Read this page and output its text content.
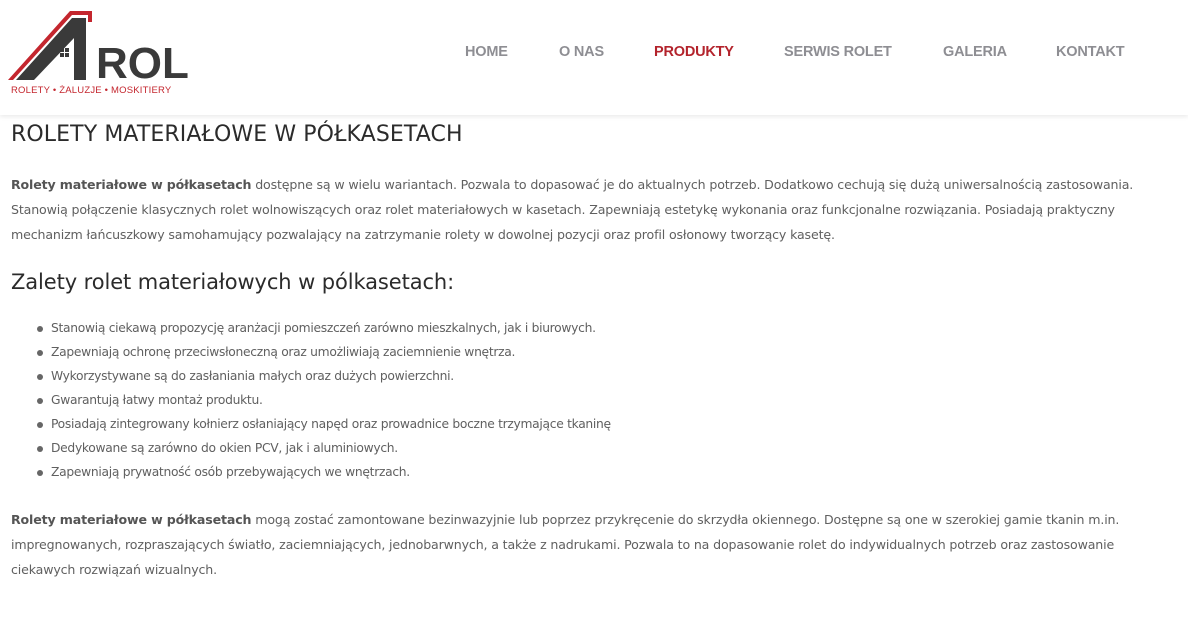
ROL
ROLETY • ŻALUZJE • MOSKITIERY
HOME	O NAS	PRODUKTY	SERWIS ROLET	GALERIA	KONTAKT
ROLETY MATERIAŁOWE W PÓŁKASETACH

Rolety materiałowe w półkasetach dostępne są w wielu wariantach. Pozwala to dopasować je do aktualnych potrzeb. Dodatkowo cechują się dużą uniwersalnością zastosowania. Stanowią połączenie klasycznych rolet wolnowiszących oraz rolet materiałowych w kasetach. Zapewniają estetykę wykonania oraz funkcjonalne rozwiązania. Posiadają praktyczny mechanizm łańcuszkowy samohamujący pozwalający na zatrzymanie rolety w dowolnej pozycji oraz profil osłonowy tworzący kasetę.

Zalety rolet materiałowych w pólkasetach:
Stanowią ciekawą propozycję aranżacji pomieszczeń zarówno mieszkalnych, jak i biurowych.
Zapewniają ochronę przeciwsłoneczną oraz umożliwiają zaciemnienie wnętrza.
Wykorzystywane są do zasłaniania małych oraz dużych powierzchni.
Gwarantują łatwy montaż produktu.
Posiadają zintegrowany kołnierz osłaniający napęd oraz prowadnice boczne trzymające tkaninę
Dedykowane są zarówno do okien PCV, jak i aluminiowych.
Zapewniają prywatność osób przebywających we wnętrzach.

Rolety materiałowe w półkasetach mogą zostać zamontowane bezinwazyjnie lub poprzez przykręcenie do skrzydła okiennego. Dostępne są one w szerokiej gamie tkanin m.in. impregnowanych, rozpraszających światło, zaciemniających, jednobarwnych, a także z nadrukami. Pozwala to na dopasowanie rolet do indywidualnych potrzeb oraz zastosowanie ciekawych rozwiązań wizualnych.
